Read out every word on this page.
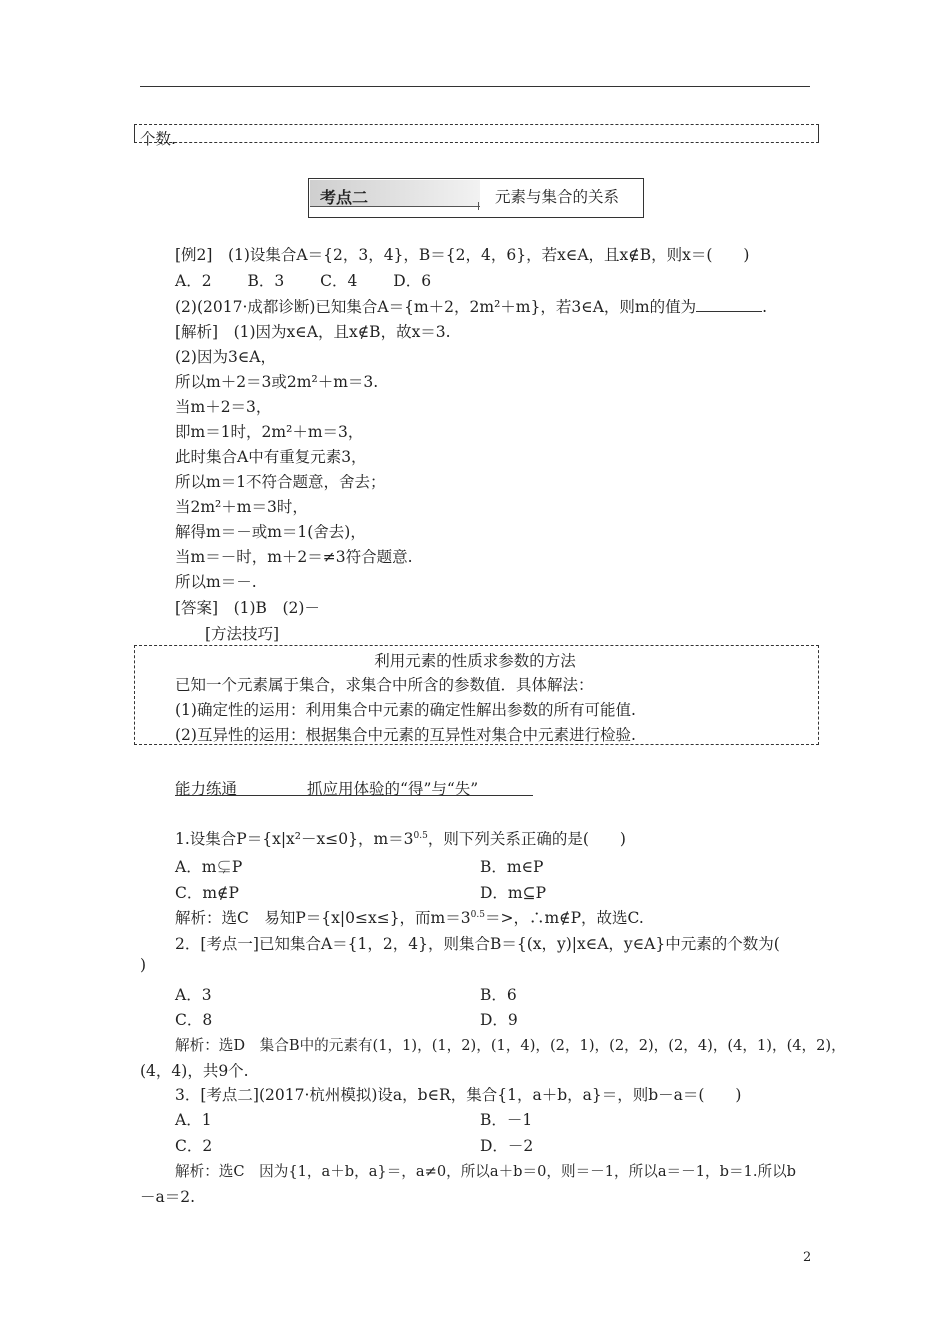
个数.
考点二	元素与集合的关系
[例2]　(1)设集合A＝{2，3，4}，B＝{2，4，6}，若x∈A，且x∉B，则x＝(　　)
A．2　　 B．3　　 C．4　　 D．6
(2)(2017·成都诊断)已知集合A＝{m＋2，2m²＋m}，若3∈A，则m的值为	.
[解析]　(1)因为x∈A，且x∉B，故x＝3.
(2)因为3∈A，
所以m＋2＝3或2m²＋m＝3.
当m＋2＝3，
即m＝1时，2m²＋m＝3，
此时集合A中有重复元素3，
所以m＝1不符合题意，舍去；
当2m²＋m＝3时，
解得m＝－或m＝1(舍去)，
当m＝－时，m＋2＝≠3符合题意.
所以m＝－.
[答案]　(1)B　(2)－
[方法技巧]
利用元素的性质求参数的方法
已知一个元素属于集合，求集合中所含的参数值．具体解法：
(1)确定性的运用：利用集合中元素的确定性解出参数的所有可能值.
(2)互异性的运用：根据集合中元素的互异性对集合中元素进行检验.
能力练通	抓应用体验的“得”与“失”
1.设集合P＝{x|x²－x≤0}，$m=3^{0.5}$，则下列关系正确的是(　　)
A．m⊊P	B．m∈P
C．m∉P	D．m⊆P
解析：选C　易知P＝{x|0≤x≤}，而$m=3^{0.5}=>$，∴m∉P，故选C.
2．[考点一]已知集合A＝{1，2，4}，则集合B＝{(x，y)|x∈A，y∈A}中元素的个数为(
)
A．3	B．6
C．8	D．9
解析：选D　集合B中的元素有(1，1)，(1，2)，(1，4)，(2，1)，(2，2)，(2，4)，(4，1)，(4，2)，
(4，4)，共9个.
3．[考点二](2017·杭州模拟)设a，b∈R，集合{1，a＋b，a}＝，则b－a＝(　　)
A．1	B．－1
C．2	D．－2
解析：选C　因为{1，a＋b，a}＝，a≠0，所以a＋b＝0，则＝－1，所以a＝－1，b＝1.所以b
－a＝2.
2
